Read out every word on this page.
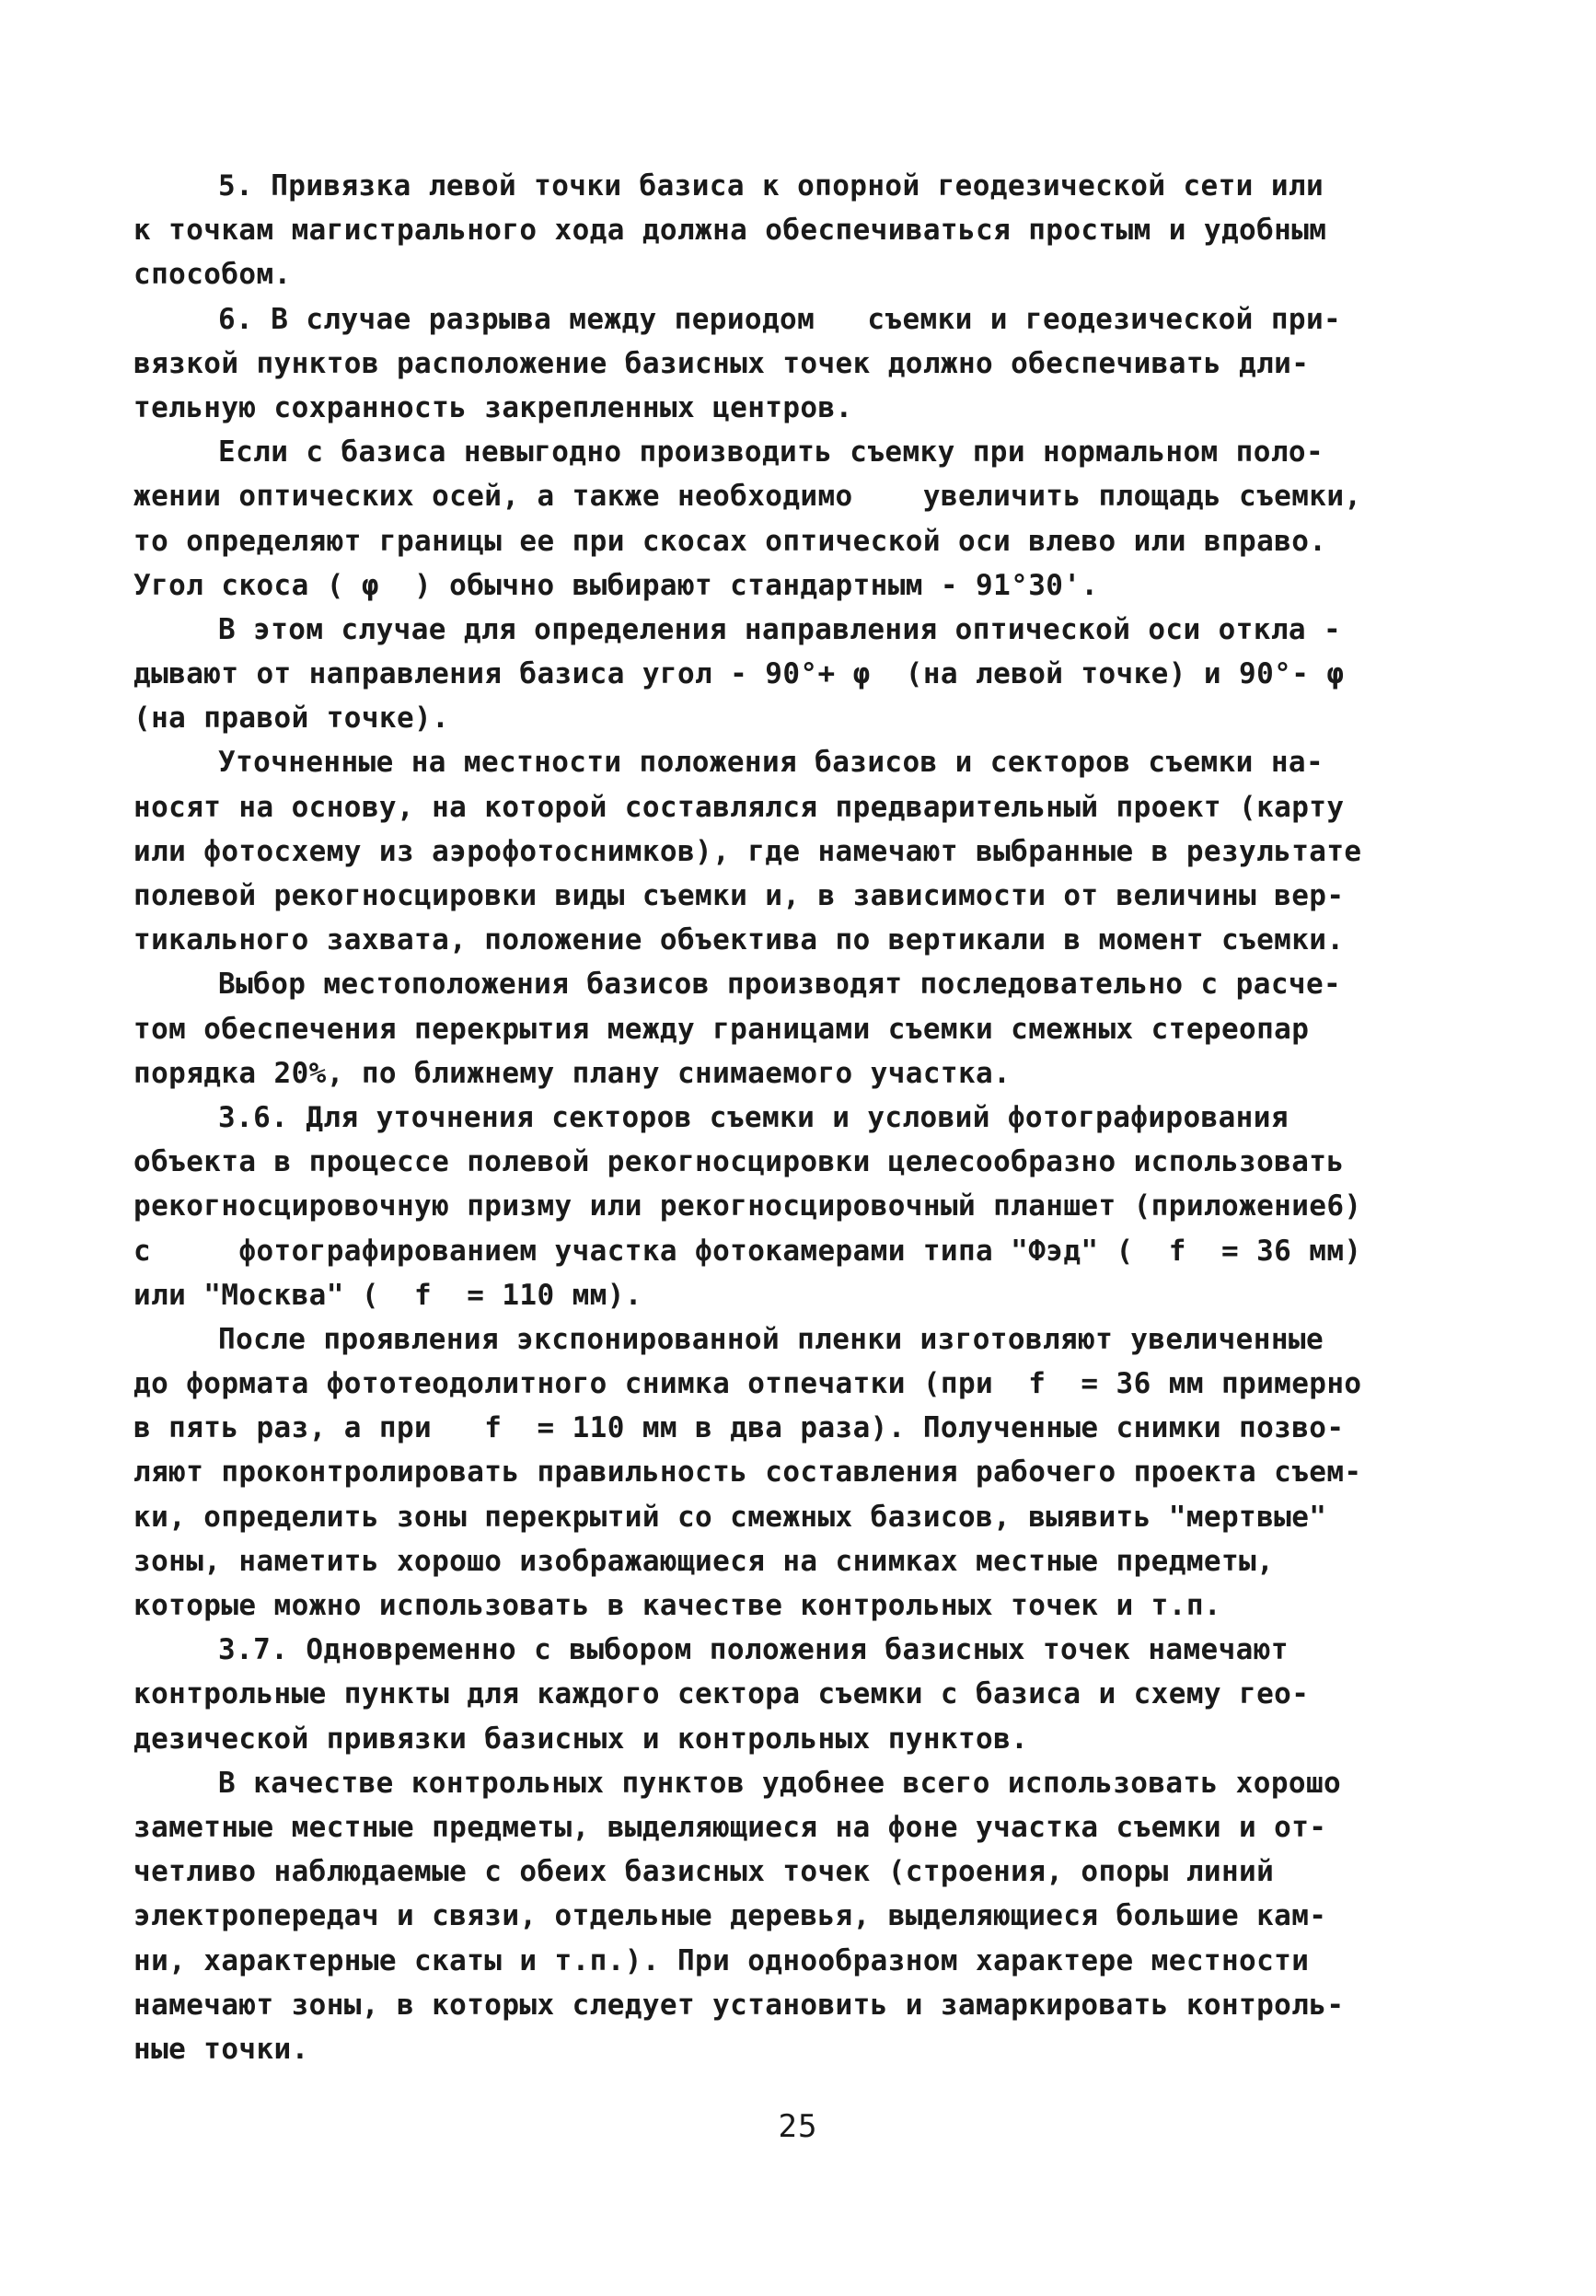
5. Привязка левой точки базиса к опорной геодезической сети или
к точкам магистрального хода должна обеспечиваться простым и удобным
способом.
6. В случае разрыва между периодом   съемки и геодезической при-
вязкой пунктов расположение базисных точек должно обеспечивать дли-
тельную сохранность закрепленных центров.
Если с базиса невыгодно производить съемку при нормальном поло-
жении оптических осей, а также необходимо    увеличить площадь съемки,
то определяют границы ее при скосах оптической оси влево или вправо.
Угол скоса ( φ  ) обычно выбирают стандартным - 91°30'.
В этом случае для определения направления оптической оси откла -
дывают от направления базиса угол - 90°+ φ  (на левой точке) и 90°- φ
(на правой точке).
Уточненные на местности положения базисов и секторов съемки на-
носят на основу, на которой составлялся предварительный проект (карту
или фотосхему из аэрофотоснимков), где намечают выбранные в результате
полевой рекогносцировки виды съемки и, в зависимости от величины вер-
тикального захвата, положение объектива по вертикали в момент съемки.
Выбор местоположения базисов производят последовательно с расче-
том обеспечения перекрытия между границами съемки смежных стереопар
порядка 20%, по ближнему плану снимаемого участка.
3.6. Для уточнения секторов съемки и условий фотографирования
объекта в процессе полевой рекогносцировки целесообразно использовать
рекогносцировочную призму или рекогносцировочный планшет (приложение6)
с     фотографированием участка фотокамерами типа "Фэд" (  f  = 36 мм)
или "Москва" (  f  = 110 мм).
После проявления экспонированной пленки изготовляют увеличенные
до формата фототеодолитного снимка отпечатки (при  f  = 36 мм примерно
в пять раз, а при   f  = 110 мм в два раза). Полученные снимки позво-
ляют проконтролировать правильность составления рабочего проекта съем-
ки, определить зоны перекрытий со смежных базисов, выявить "мертвые"
зоны, наметить хорошо изображающиеся на снимках местные предметы,
которые можно использовать в качестве контрольных точек и т.п.
3.7. Одновременно с выбором положения базисных точек намечают
контрольные пункты для каждого сектора съемки с базиса и схему гео-
дезической привязки базисных и контрольных пунктов.
В качестве контрольных пунктов удобнее всего использовать хорошо
заметные местные предметы, выделяющиеся на фоне участка съемки и от-
четливо наблюдаемые с обеих базисных точек (строения, опоры линий
электропередач и связи, отдельные деревья, выделяющиеся большие кам-
ни, характерные скаты и т.п.). При однообразном характере местности
намечают зоны, в которых следует установить и замаркировать контроль-
ные точки.
25
